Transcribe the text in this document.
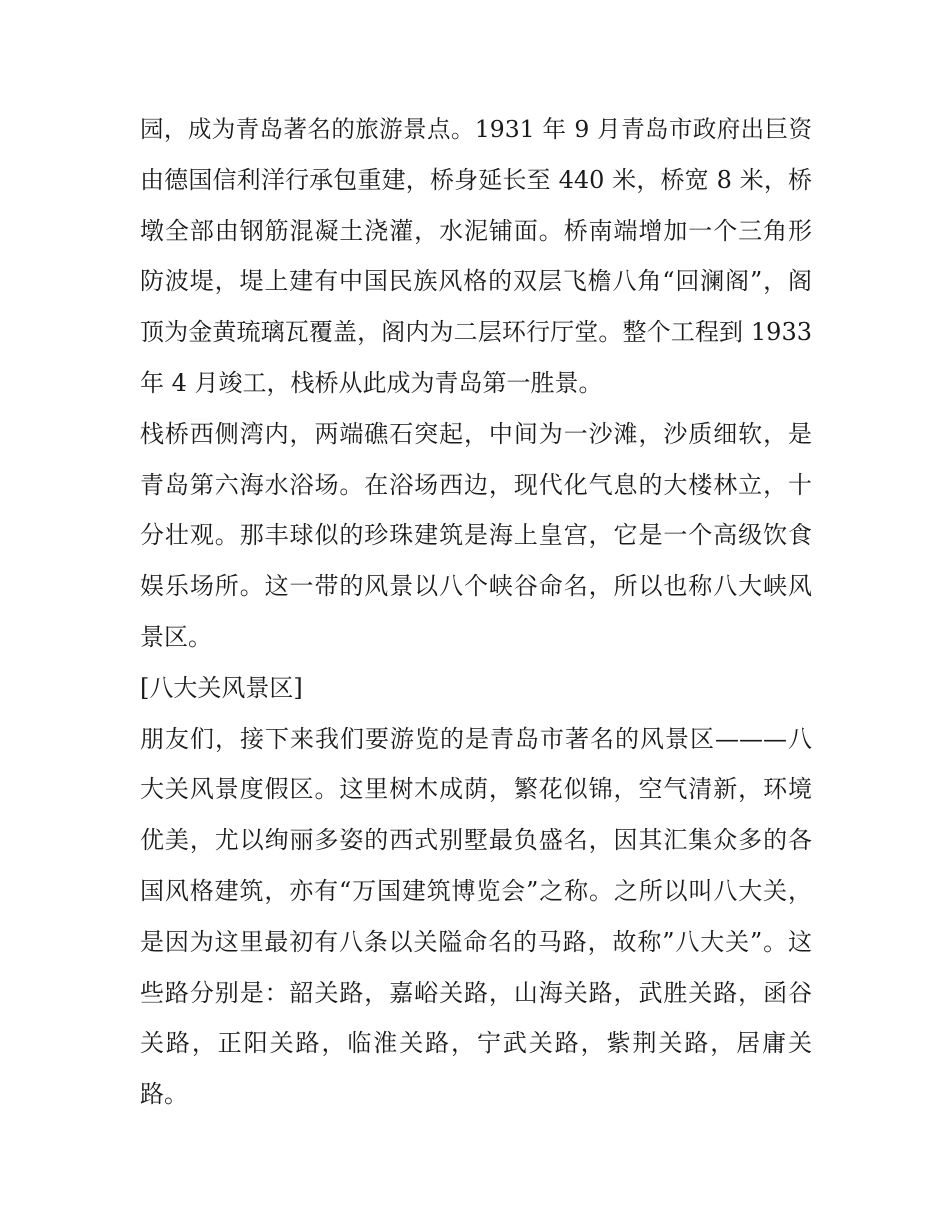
园，成为青岛著名的旅游景点。1931 年 9 月青岛市政府出巨资
由德国信利洋行承包重建，桥身延长至 440 米，桥宽 8 米，桥
墩全部由钢筋混凝土浇灌，水泥铺面。桥南端增加一个三角形
防波堤，堤上建有中国民族风格的双层飞檐八角“回澜阁”，阁
顶为金黄琉璃瓦覆盖，阁内为二层环行厅堂。整个工程到 1933
年 4 月竣工，栈桥从此成为青岛第一胜景。
栈桥西侧湾内，两端礁石突起，中间为一沙滩，沙质细软，是
青岛第六海水浴场。在浴场西边，现代化气息的大楼林立，十
分壮观。那丰球似的珍珠建筑是海上皇宫，它是一个高级饮食
娱乐场所。这一带的风景以八个峡谷命名，所以也称八大峡风
景区。
[八大关风景区]
朋友们，接下来我们要游览的是青岛市著名的风景区———八
大关风景度假区。这里树木成荫，繁花似锦，空气清新，环境
优美，尤以绚丽多姿的西式别墅最负盛名，因其汇集众多的各
国风格建筑，亦有“万国建筑博览会”之称。之所以叫八大关，
是因为这里最初有八条以关隘命名的马路，故称”八大关”。这
些路分别是：韶关路，嘉峪关路，山海关路，武胜关路，函谷
关路，正阳关路，临淮关路，宁武关路，紫荆关路，居庸关
路。
